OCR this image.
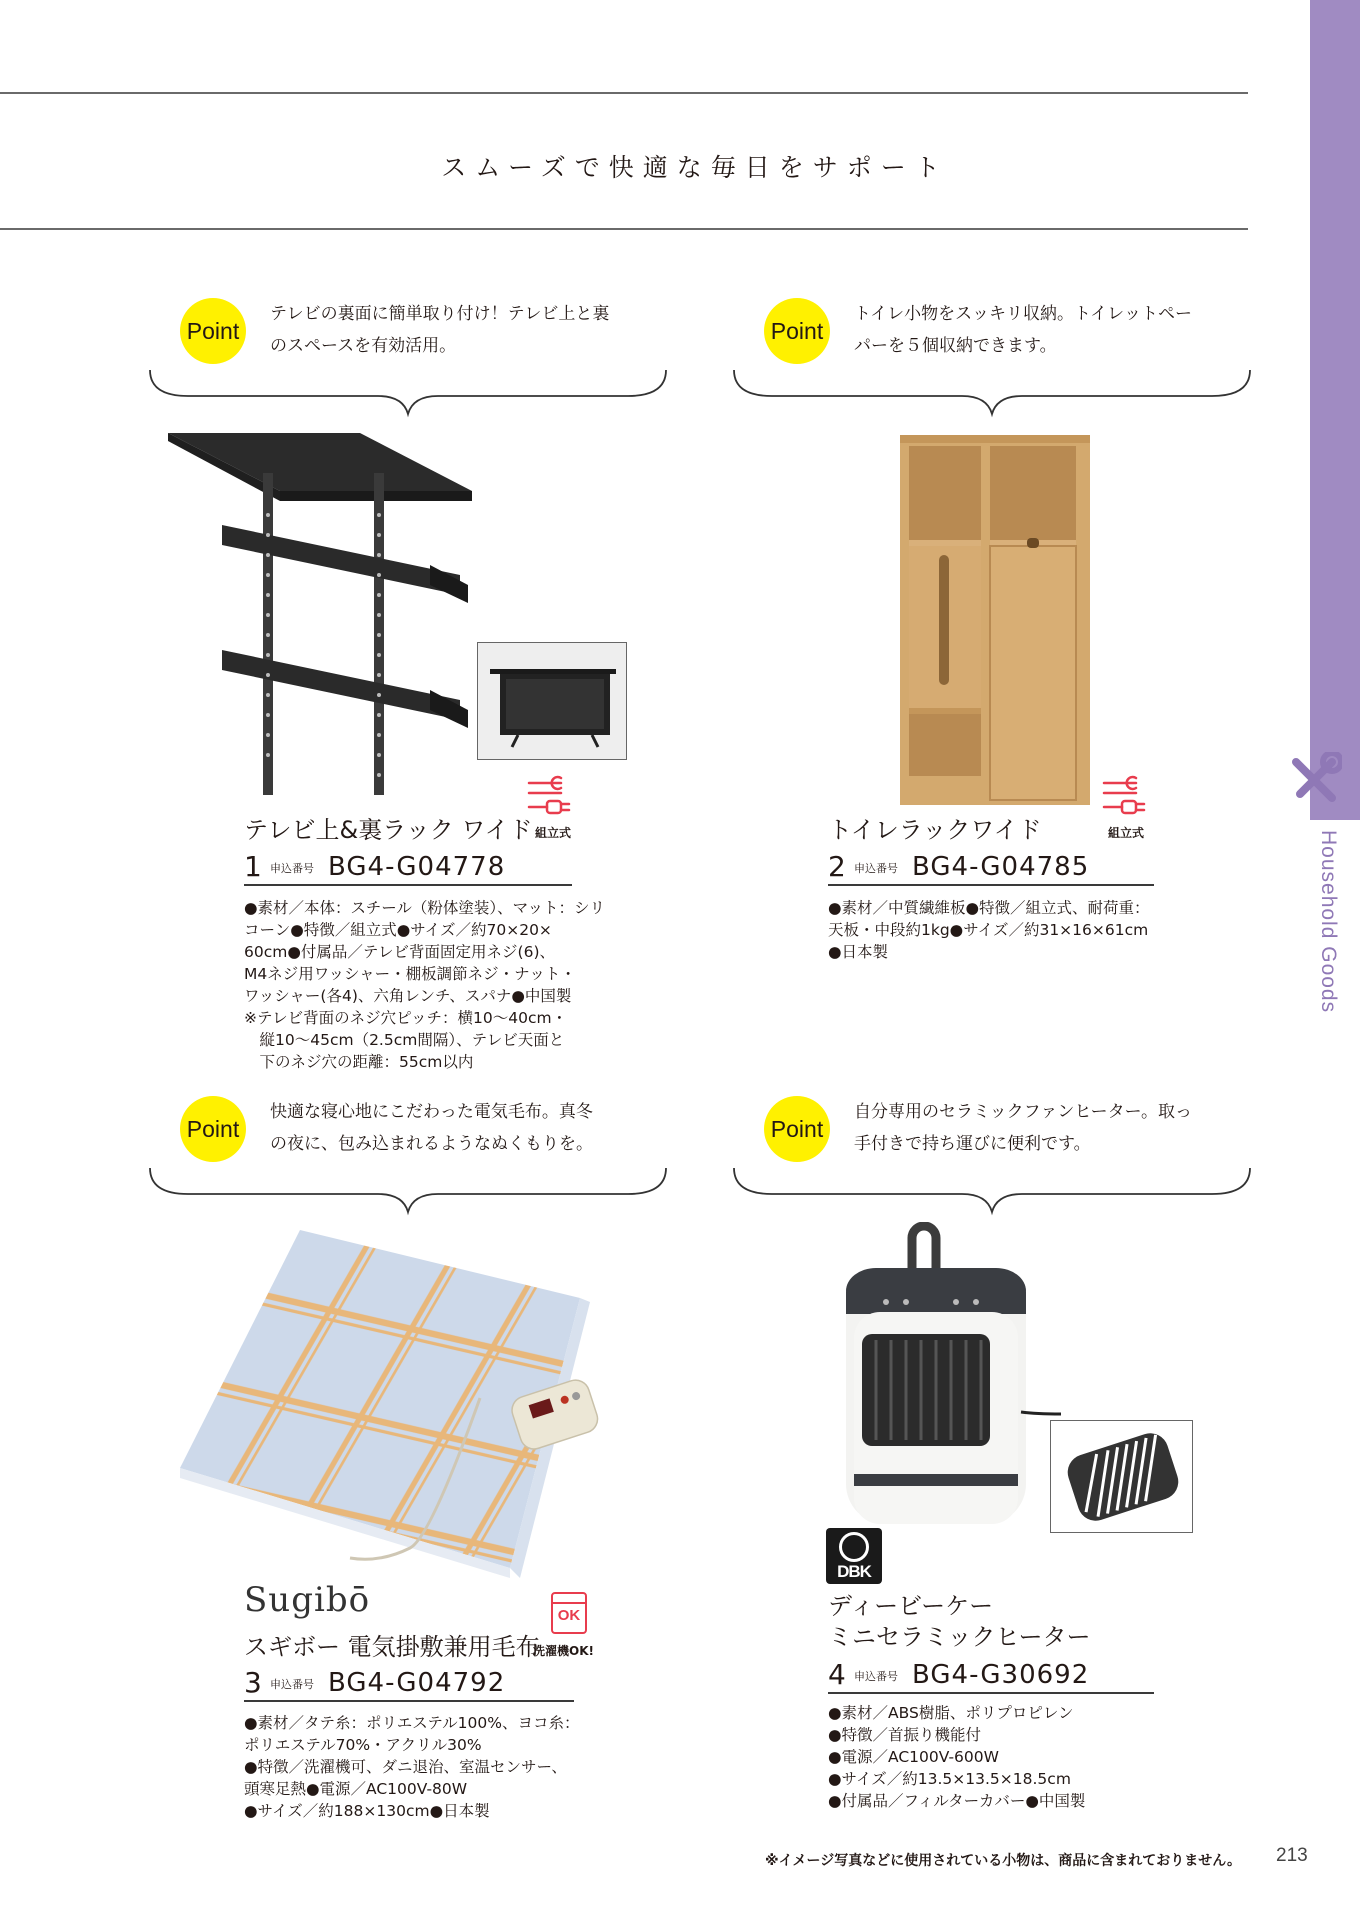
Household Goods
スムーズで快適な毎日をサポート
Point
テレビの裏面に簡単取り付け！テレビ上と裏
のスペースを有効活用。
テレビ上&裏ラック ワイド 組立式
1 申込番号 BG4-G04778

●素材／本体：スチール（粉体塗装）、マット：シリ

コーン●特徴／組立式●サイズ／約70×20×

60cm●付属品／テレビ背面固定用ネジ(6)、

M4ネジ用ワッシャー・棚板調節ネジ・ナット・

ワッシャー(各4)、六角レンチ、スパナ●中国製

※テレビ背面のネジ穴ピッチ：横10～40cm・

　縦10～45cm（2.5cm間隔）、テレビ天面と

　下のネジ穴の距離：55cm以内

Point
トイレ小物をスッキリ収納。トイレットペー
パーを５個収納できます。
トイレラックワイド	組立式
2 申込番号 BG4-G04785

●素材／中質繊維板●特徴／組立式、耐荷重：

天板・中段約1kg●サイズ／約31×16×61cm

●日本製

Point
快適な寝心地にこだわった電気毛布。真冬
の夜に、包み込まれるようなぬくもりを。
Sugibō	OK
スギボー 電気掛敷兼用毛布
洗濯機OK!
3 申込番号 BG4-G04792

●素材／タテ糸：ポリエステル100%、ヨコ糸：

ポリエステル70%・アクリル30%

●特徴／洗濯機可、ダニ退治、室温センサー、

頭寒足熱●電源／AC100V-80W

●サイズ／約188×130cm●日本製

Point
自分専用のセラミックファンヒーター。取っ
手付きで持ち運びに便利です。
DBK
ディービーケー
ミニセラミックヒーター
4 申込番号 BG4-G30692

●素材／ABS樹脂、ポリプロピレン

●特徴／首振り機能付

●電源／AC100V-600W

●サイズ／約13.5×13.5×18.5cm

●付属品／フィルターカバー●中国製

※イメージ写真などに使用されている小物は、商品に含まれておりません。 213
